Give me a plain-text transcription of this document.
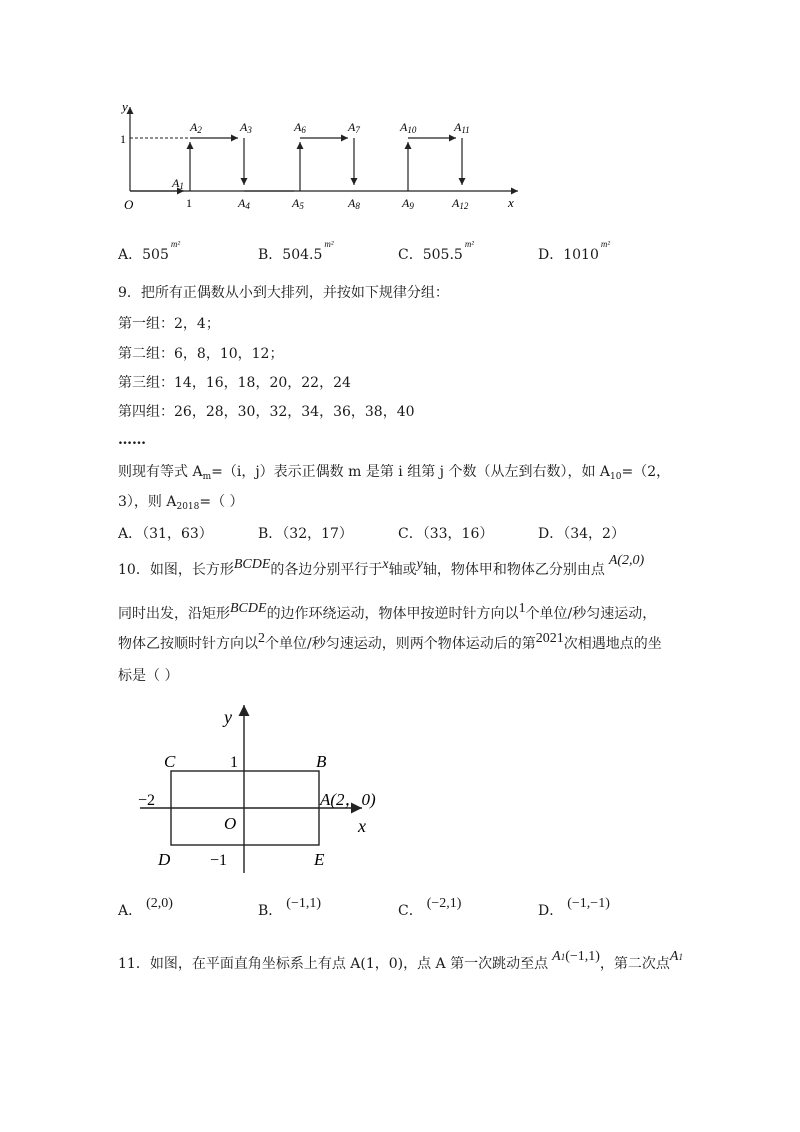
y
1
O	1	x
A1
A2	A3
A4	A5
A6	A7
A8	A9
A10	A11
A12
A．$505^{m^2}$
B．$504.5^{m^2}$
C．$505.5^{m^2}$
D．$1010^{m^2}$
9．把所有正偶数从小到大排列，并按如下规律分组：
第一组：2，4；
第二组：6，8，10，12；
第三组：14，16，18，20，22，24
第四组：26，28，30，32，34，36，38，40
……
则现有等式 $A_m=(i$，j）表示正偶数 m 是第 i 组第 j 个数（从左到右数），如 $A_{10}=(2$，
3），则 $A_{2018}=$（ ）
A．（31，63）	B．（32，17）	C．（33，16）	D．（34，2）
10．如图，长方形BCDE的各边分别平行于x轴或y轴，物体甲和物体乙分别由点A(2,0)
同时出发，沿矩形BCDE的边作环绕运动，物体甲按逆时针方向以1个单位/秒匀速运动，
物体乙按顺时针方向以2个单位/秒匀速运动，则两个物体运动后的第2021次相遇地点的坐
标是（ ）
y
x
C	B
D	E
1
−2
O
−1
A(2，0)
A． (2,0)	B． (−1,1)	C． (−2,1)	D． (−1,−1)
11．如图，在平面直角坐标系上有点 A(1，0)，点 A 第一次跳动至点 A1(−1,1)，第二次点A1
